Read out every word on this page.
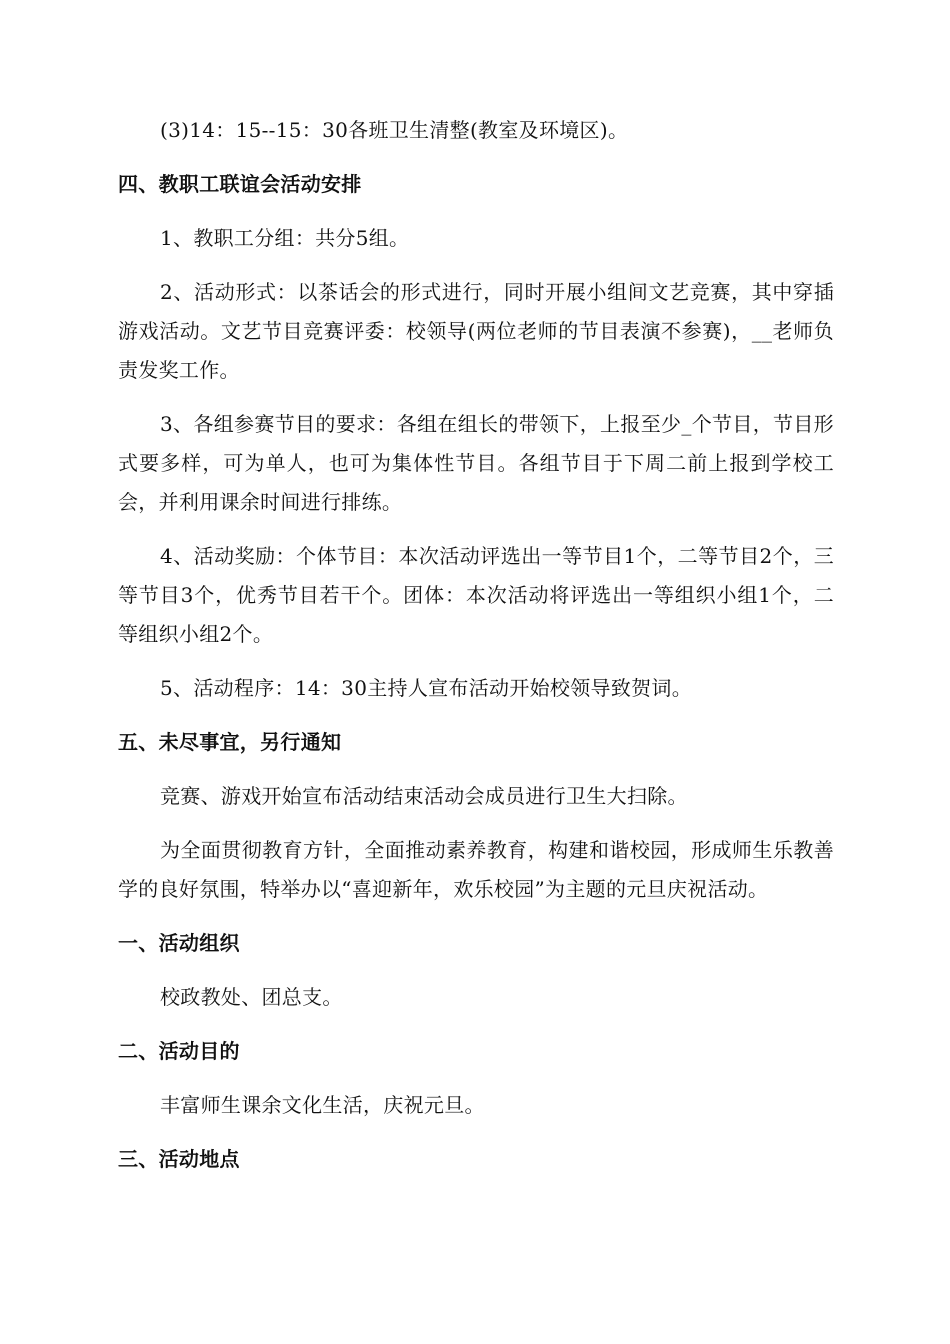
(3)14：15--15：30各班卫生清整(教室及环境区)。

四、教职工联谊会活动安排

1、教职工分组：共分5组。

2、活动形式：以茶话会的形式进行，同时开展小组间文艺竞赛，其中穿插游戏活动。文艺节目竞赛评委：校领导(两位老师的节目表演不参赛)，__老师负责发奖工作。

3、各组参赛节目的要求：各组在组长的带领下，上报至少_个节目，节目形式要多样，可为单人，也可为集体性节目。各组节目于下周二前上报到学校工会，并利用课余时间进行排练。

4、活动奖励：个体节目：本次活动评选出一等节目1个，二等节目2个，三等节目3个，优秀节目若干个。团体：本次活动将评选出一等组织小组1个，二等组织小组2个。

5、活动程序：14：30主持人宣布活动开始校领导致贺词。

五、未尽事宜，另行通知

竞赛、游戏开始宣布活动结束活动会成员进行卫生大扫除。

为全面贯彻教育方针，全面推动素养教育，构建和谐校园，形成师生乐教善学的良好氛围，特举办以“喜迎新年，欢乐校园”为主题的元旦庆祝活动。

一、活动组织

校政教处、团总支。

二、活动目的

丰富师生课余文化生活，庆祝元旦。

三、活动地点
